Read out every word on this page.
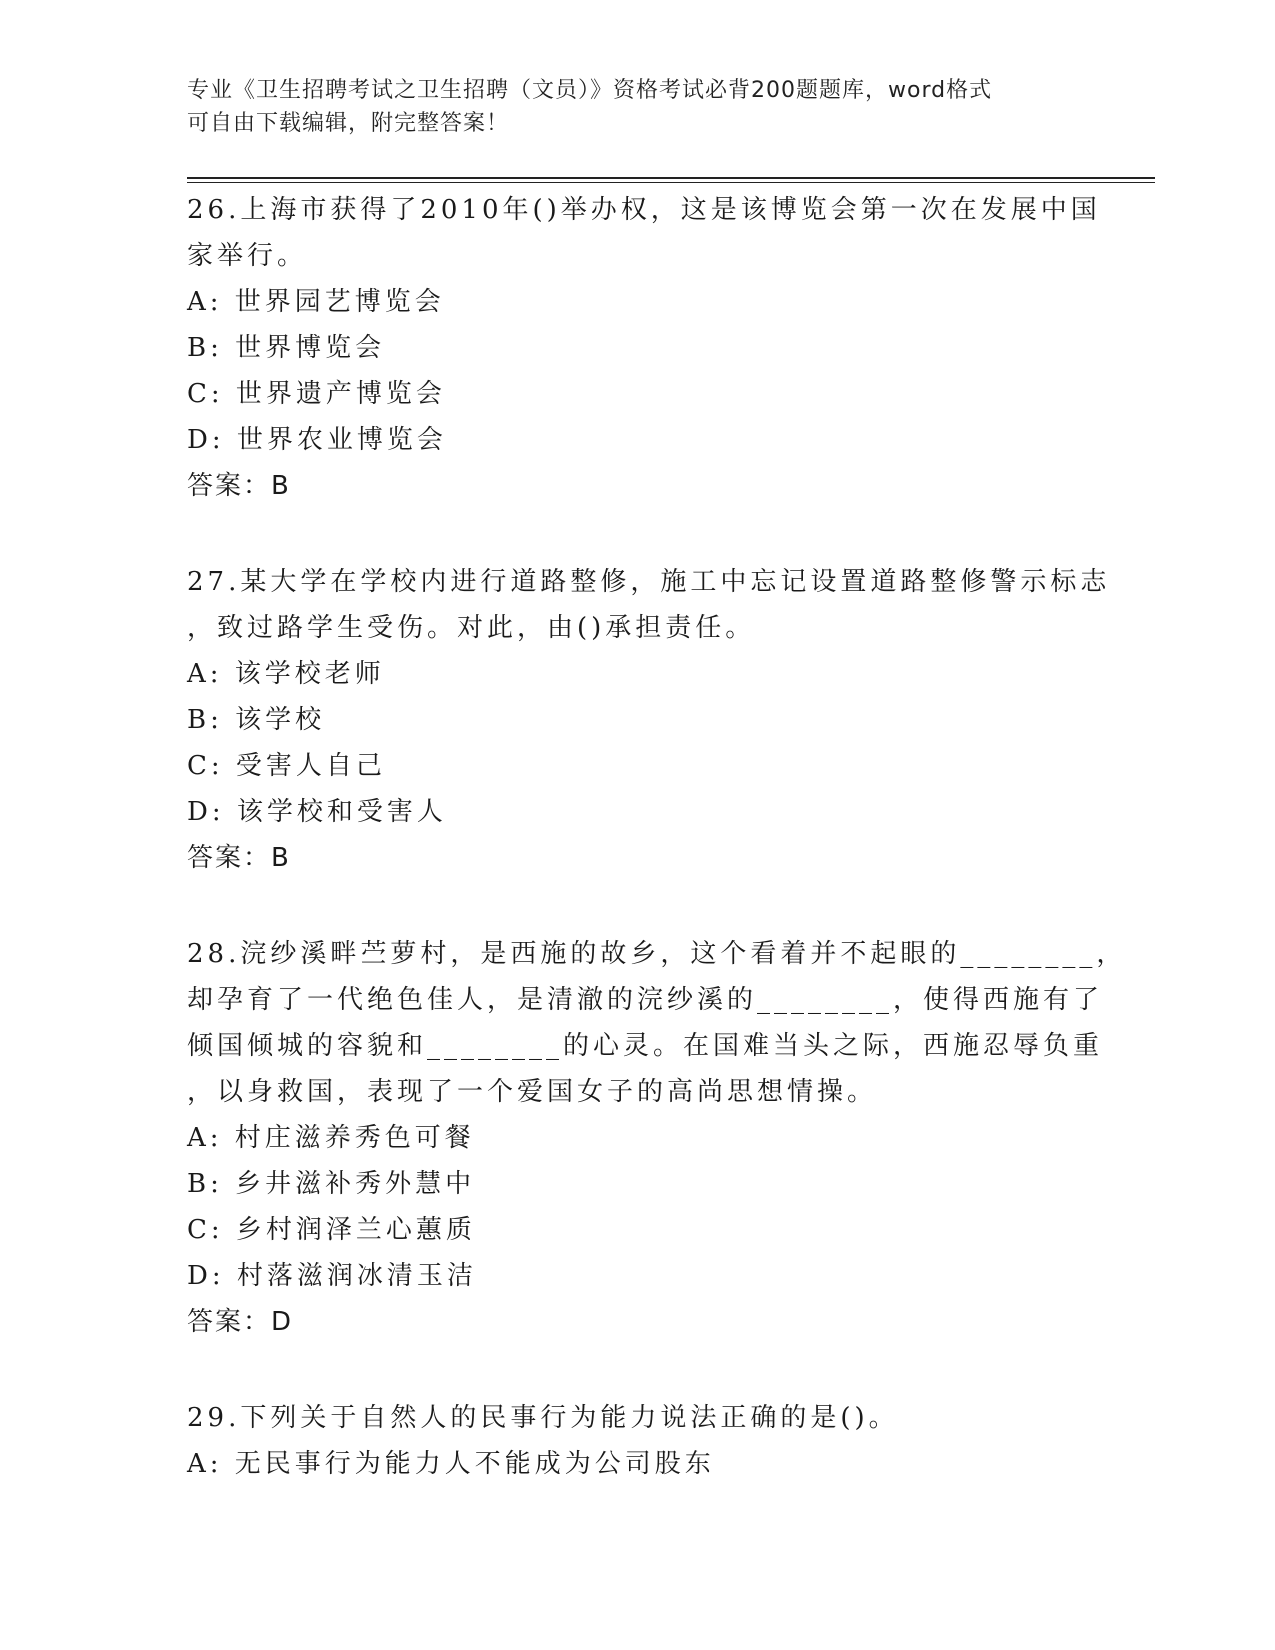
专业《卫生招聘考试之卫生招聘（文员）》资格考试必背200题题库，word格式

可自由下载编辑，附完整答案！

26.上海市获得了2010年()举办权，这是该博览会第一次在发展中国
家举行。
A: 世界园艺博览会
B: 世界博览会
C: 世界遗产博览会
D: 世界农业博览会
答案：B
27.某大学在学校内进行道路整修，施工中忘记设置道路整修警示标志
，致过路学生受伤。对此，由()承担责任。
A: 该学校老师
B: 该学校
C: 受害人自己
D: 该学校和受害人
答案：B
28.浣纱溪畔苎萝村，是西施的故乡，这个看着并不起眼的________，
却孕育了一代绝色佳人，是清澈的浣纱溪的________，使得西施有了
倾国倾城的容貌和________的心灵。在国难当头之际，西施忍辱负重
，以身救国，表现了一个爱国女子的高尚思想情操。
A: 村庄滋养秀色可餐
B: 乡井滋补秀外慧中
C: 乡村润泽兰心蕙质
D: 村落滋润冰清玉洁
答案：D
29.下列关于自然人的民事行为能力说法正确的是()。
A: 无民事行为能力人不能成为公司股东
